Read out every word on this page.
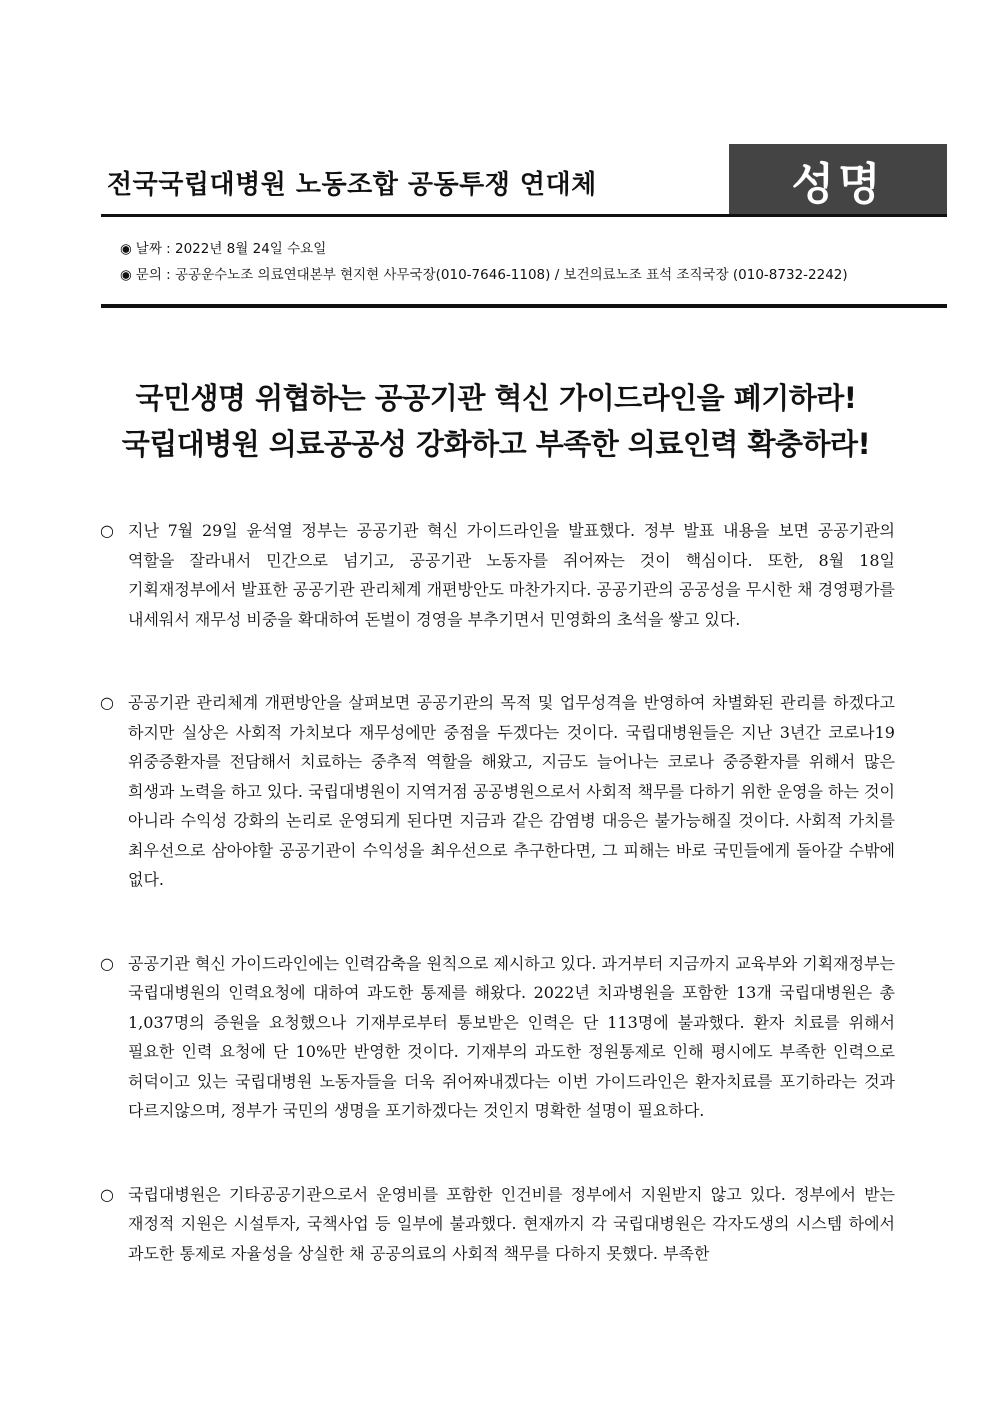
전국국립대병원 노동조합 공동투쟁 연대체	성명
◉ 날짜 : 2022년 8월 24일 수요일
◉ 문의 : 공공운수노조 의료연대본부 현지현 사무국장(010-7646-1108) / 보건의료노조 표석 조직국장 (010-8732-2242)
국민생명 위협하는 공공기관 혁신 가이드라인을 폐기하라!
국립대병원 의료공공성 강화하고 부족한 의료인력 확충하라!

○ 지난 7월 29일 윤석열 정부는 공공기관 혁신 가이드라인을 발표했다. 정부 발표 내용을 보면 공공기관의 역할을 잘라내서 민간으로 넘기고, 공공기관 노동자를 쥐어짜는 것이 핵심이다. 또한, 8월 18일 기획재정부에서 발표한 공공기관 관리체계 개편방안도 마찬가지다. 공공기관의 공공성을 무시한 채 경영평가를 내세워서 재무성 비중을 확대하여 돈벌이 경영을 부추기면서 민영화의 초석을 쌓고 있다.

○ 공공기관 관리체계 개편방안을 살펴보면 공공기관의 목적 및 업무성격을 반영하여 차별화된 관리를 하겠다고 하지만 실상은 사회적 가치보다 재무성에만 중점을 두겠다는 것이다. 국립대병원들은 지난 3년간 코로나19 위중증환자를 전담해서 치료하는 중추적 역할을 해왔고, 지금도 늘어나는 코로나 중증환자를 위해서 많은 희생과 노력을 하고 있다. 국립대병원이 지역거점 공공병원으로서 사회적 책무를 다하기 위한 운영을 하는 것이 아니라 수익성 강화의 논리로 운영되게 된다면 지금과 같은 감염병 대응은 불가능해질 것이다. 사회적 가치를 최우선으로 삼아야할 공공기관이 수익성을 최우선으로 추구한다면, 그 피해는 바로 국민들에게 돌아갈 수밖에 없다.

○ 공공기관 혁신 가이드라인에는 인력감축을 원칙으로 제시하고 있다. 과거부터 지금까지 교육부와 기획재정부는 국립대병원의 인력요청에 대하여 과도한 통제를 해왔다. 2022년 치과병원을 포함한 13개 국립대병원은 총 1,037명의 증원을 요청했으나 기재부로부터 통보받은 인력은 단 113명에 불과했다. 환자 치료를 위해서 필요한 인력 요청에 단 10%만 반영한 것이다. 기재부의 과도한 정원통제로 인해 평시에도 부족한 인력으로 허덕이고 있는 국립대병원 노동자들을 더욱 쥐어짜내겠다는 이번 가이드라인은 환자치료를 포기하라는 것과 다르지않으며, 정부가 국민의 생명을 포기하겠다는 것인지 명확한 설명이 필요하다.

○ 국립대병원은 기타공공기관으로서 운영비를 포함한 인건비를 정부에서 지원받지 않고 있다. 정부에서 받는 재정적 지원은 시설투자, 국책사업 등 일부에 불과했다. 현재까지 각 국립대병원은 각자도생의 시스템 하에서 과도한 통제로 자율성을 상실한 채 공공의료의 사회적 책무를 다하지 못했다. 부족한
